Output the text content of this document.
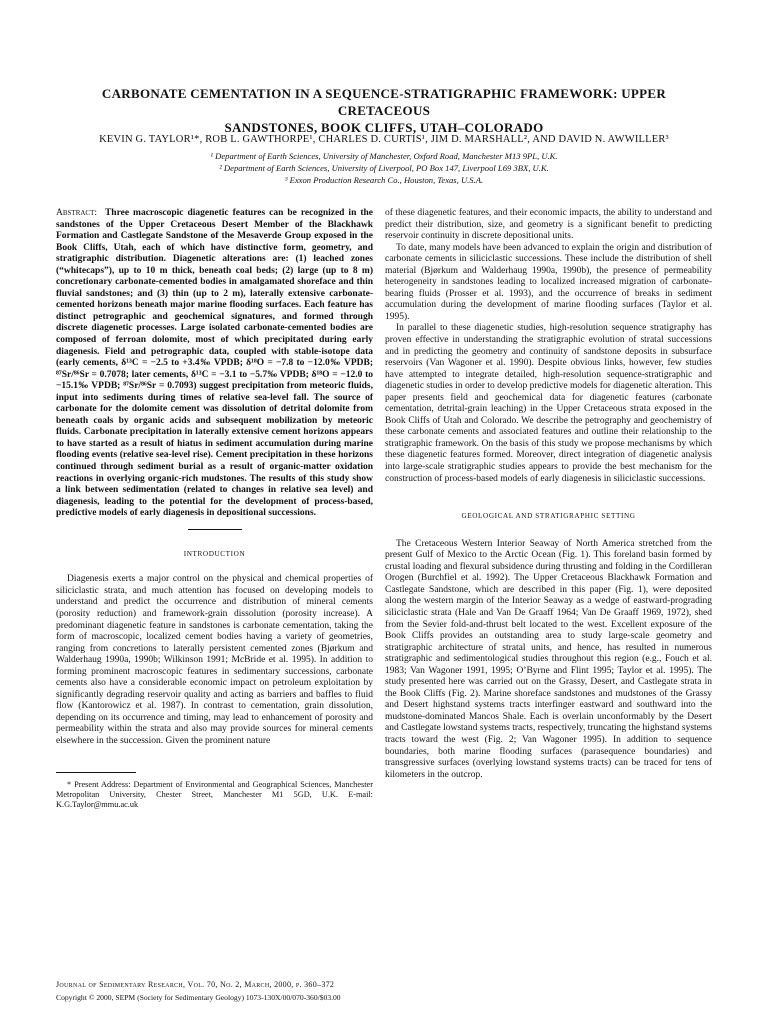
CARBONATE CEMENTATION IN A SEQUENCE-STRATIGRAPHIC FRAMEWORK: UPPER CRETACEOUS
SANDSTONES, BOOK CLIFFS, UTAH–COLORADO
KEVIN G. TAYLOR¹*, ROB L. GAWTHORPE¹, CHARLES D. CURTIS¹, JIM D. MARSHALL², AND DAVID N. AWWILLER³
¹ Department of Earth Sciences, University of Manchester, Oxford Road, Manchester M13 9PL, U.K.
² Department of Earth Sciences, University of Liverpool, PO Box 147, Liverpool L69 3BX, U.K.
³ Exxon Production Research Co., Houston, Texas, U.S.A.

Abstract: Three macroscopic diagenetic features can be recognized in the sandstones of the Upper Cretaceous Desert Member of the Blackhawk Formation and Castlegate Sandstone of the Mesaverde Group exposed in the Book Cliffs, Utah, each of which have distinctive form, geometry, and stratigraphic distribution. Diagenetic alterations are: (1) leached zones (“whitecaps”), up to 10 m thick, beneath coal beds; (2) large (up to 8 m) concretionary carbonate-cemented bodies in amalgamated shoreface and thin fluvial sandstones; and (3) thin (up to 2 m), laterally extensive carbonate-cemented horizons beneath major marine flooding surfaces. Each feature has distinct petrographic and geochemical signatures, and formed through discrete diagenetic processes. Large isolated carbonate-cemented bodies are composed of ferroan dolomite, most of which precipitated during early diagenesis. Field and petrographic data, coupled with stable-isotope data (early cements, δ¹³C = −2.5 to +3.4‰ VPDB; δ¹⁸O = −7.8 to −12.0‰ VPDB; ⁸⁷Sr/⁸⁶Sr = 0.7078; later cements, δ¹³C = −3.1 to −5.7‰ VPDB; δ¹⁸O = −12.0 to −15.1‰ VPDB; ⁸⁷Sr/⁸⁶Sr = 0.7093) suggest precipitation from meteoric fluids, input into sediments during times of relative sea-level fall. The source of carbonate for the dolomite cement was dissolution of detrital dolomite from beneath coals by organic acids and subsequent mobilization by meteoric fluids. Carbonate precipitation in laterally extensive cement horizons appears to have started as a result of hiatus in sediment accumulation during marine flooding events (relative sea-level rise). Cement precipitation in these horizons continued through sediment burial as a result of organic-matter oxidation reactions in overlying organic-rich mudstones. The results of this study show a link between sedimentation (related to changes in relative sea level) and diagenesis, leading to the potential for the development of process-based, predictive models of early diagenesis in depositional successions.

INTRODUCTION

Diagenesis exerts a major control on the physical and chemical properties of siliciclastic strata, and much attention has focused on developing models to understand and predict the occurrence and distribution of mineral cements (porosity reduction) and framework-grain dissolution (porosity increase). A predominant diagenetic feature in sandstones is carbonate cementation, taking the form of macroscopic, localized cement bodies having a variety of geometries, ranging from concretions to laterally persistent cemented zones (Bjørkum and Walderhaug 1990a, 1990b; Wilkinson 1991; McBride et al. 1995). In addition to forming prominent macroscopic features in sedimentary successions, carbonate cements also have a considerable economic impact on petroleum exploitation by significantly degrading reservoir quality and acting as barriers and baffles to fluid flow (Kantorowicz et al. 1987). In contrast to cementation, grain dissolution, depending on its occurrence and timing, may lead to enhancement of porosity and permeability within the strata and also may provide sources for mineral cements elsewhere in the succession. Given the prominent nature

* Present Address: Department of Environmental and Geographical Sciences, Manchester Metropolitan University, Chester Street, Manchester M1 5GD, U.K. E-mail: K.G.Taylor@mmu.ac.uk

of these diagenetic features, and their economic impacts, the ability to understand and predict their distribution, size, and geometry is a significant benefit to predicting reservoir continuity in discrete depositional units.

To date, many models have been advanced to explain the origin and distribution of carbonate cements in siliciclastic successions. These include the distribution of shell material (Bjørkum and Walderhaug 1990a, 1990b), the presence of permeability heterogeneity in sandstones leading to localized increased migration of carbonate-bearing fluids (Prosser et al. 1993), and the occurrence of breaks in sediment accumulation during the development of marine flooding surfaces (Taylor et al. 1995).

In parallel to these diagenetic studies, high-resolution sequence stratigraphy has proven effective in understanding the stratigraphic evolution of stratal successions and in predicting the geometry and continuity of sandstone deposits in subsurface reservoirs (Van Wagoner et al. 1990). Despite obvious links, however, few studies have attempted to integrate detailed, high-resolution sequence-stratigraphic and diagenetic studies in order to develop predictive models for diagenetic alteration. This paper presents field and geochemical data for diagenetic features (carbonate cementation, detrital-grain leaching) in the Upper Cretaceous strata exposed in the Book Cliffs of Utah and Colorado. We describe the petrography and geochemistry of these carbonate cements and associated features and outline their relationship to the stratigraphic framework. On the basis of this study we propose mechanisms by which these diagenetic features formed. Moreover, direct integration of diagenetic analysis into large-scale stratigraphic studies appears to provide the best mechanism for the construction of process-based models of early diagenesis in siliciclastic successions.

GEOLOGICAL AND STRATIGRAPHIC SETTING

The Cretaceous Western Interior Seaway of North America stretched from the present Gulf of Mexico to the Arctic Ocean (Fig. 1). This foreland basin formed by crustal loading and flexural subsidence during thrusting and folding in the Cordilleran Orogen (Burchfiel et al. 1992). The Upper Cretaceous Blackhawk Formation and Castlegate Sandstone, which are described in this paper (Fig. 1), were deposited along the western margin of the Interior Seaway as a wedge of eastward-prograding siliciclastic strata (Hale and Van De Graaff 1964; Van De Graaff 1969, 1972), shed from the Sevier fold-and-thrust belt located to the west. Excellent exposure of the Book Cliffs provides an outstanding area to study large-scale geometry and stratigraphic architecture of stratal units, and hence, has resulted in numerous stratigraphic and sedimentological studies throughout this region (e.g., Fouch et al. 1983; Van Wagoner 1991, 1995; O’Byrne and Flint 1995; Taylor et al. 1995). The study presented here was carried out on the Grassy, Desert, and Castlegate strata in the Book Cliffs (Fig. 2). Marine shoreface sandstones and mudstones of the Grassy and Desert highstand systems tracts interfinger eastward and southward into the mudstone-dominated Mancos Shale. Each is overlain unconformably by the Desert and Castlegate lowstand systems tracts, respectively, truncating the highstand systems tracts toward the west (Fig. 2; Van Wagoner 1995). In addition to sequence boundaries, both marine flooding surfaces (parasequence boundaries) and transgressive surfaces (overlying lowstand systems tracts) can be traced for tens of kilometers in the outcrop.

Journal of Sedimentary Research, Vol. 70, No. 2, March, 2000, p. 360–372
Copyright © 2000, SEPM (Society for Sedimentary Geology) 1073-130X/00/070-360/$03.00
